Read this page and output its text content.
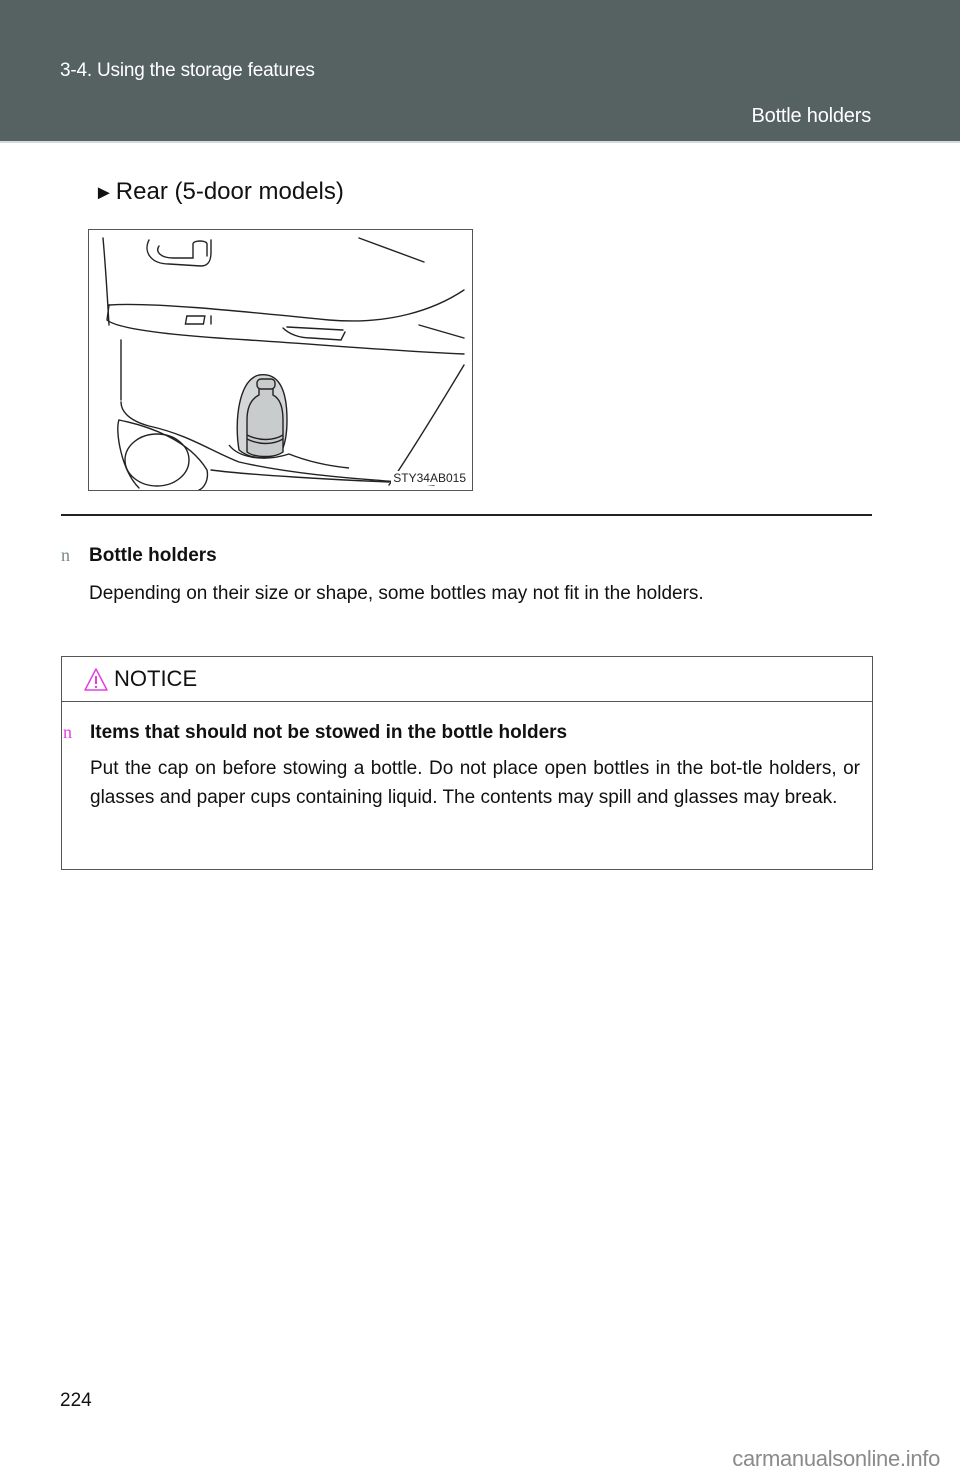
3-4. Using the storage features
Bottle holders
►Rear (5-door models)
STY34AB015
n	Bottle holders
Depending on their size or shape, some bottles may not fit in the holders.
NOTICE
n Items that should not be stowed in the bottle holders
Put the cap on before stowing a bottle. Do not place open bottles in the bot-tle holders, or glasses and paper cups containing liquid. The contents may spill and glasses may break.
224
carmanualsonline.info
